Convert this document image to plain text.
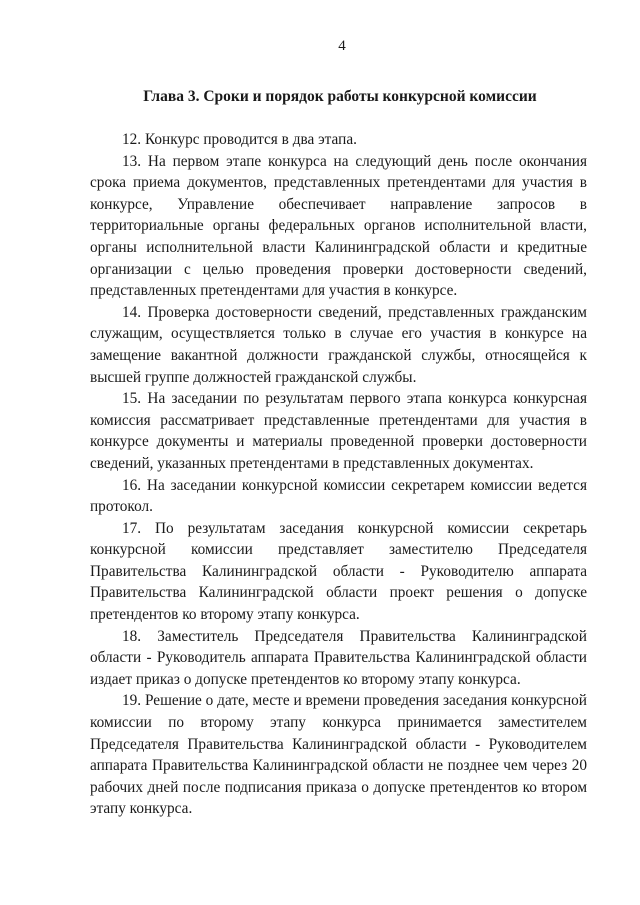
4
Глава 3. Сроки и порядок работы конкурсной комиссии

12. Конкурс проводится в два этапа.

13. На первом этапе конкурса на следующий день после окончания срока приема документов, представленных претендентами для участия в конкурсе, Управление обеспечивает направление запросов в территориальные органы федеральных органов исполнительной власти, органы исполнительной власти Калининградской области и кредитные организации с целью проведения проверки достоверности сведений, представленных претендентами для участия в конкурсе.

14. Проверка достоверности сведений, представленных гражданским служащим, осуществляется только в случае его участия в конкурсе на замещение вакантной должности гражданской службы, относящейся к высшей группе должностей гражданской службы.

15. На заседании по результатам первого этапа конкурса конкурсная комиссия рассматривает представленные претендентами для участия в конкурсе документы и материалы проведенной проверки достоверности сведений, указанных претендентами в представленных документах.

16. На заседании конкурсной комиссии секретарем комиссии ведется протокол.

17. По результатам заседания конкурсной комиссии секретарь конкурсной комиссии представляет заместителю Председателя Правительства Калининградской области - Руководителю аппарата Правительства Калининградской области проект решения о допуске претендентов ко второму этапу конкурса.

18. Заместитель Председателя Правительства Калининградской области - Руководитель аппарата Правительства Калининградской области издает приказ о допуске претендентов ко второму этапу конкурса.

19. Решение о дате, месте и времени проведения заседания конкурсной комиссии по второму этапу конкурса принимается заместителем Председателя Правительства Калининградской области - Руководителем аппарата Правительства Калининградской области не позднее чем через 20 рабочих дней после подписания приказа о допуске претендентов ко втором этапу конкурса.
